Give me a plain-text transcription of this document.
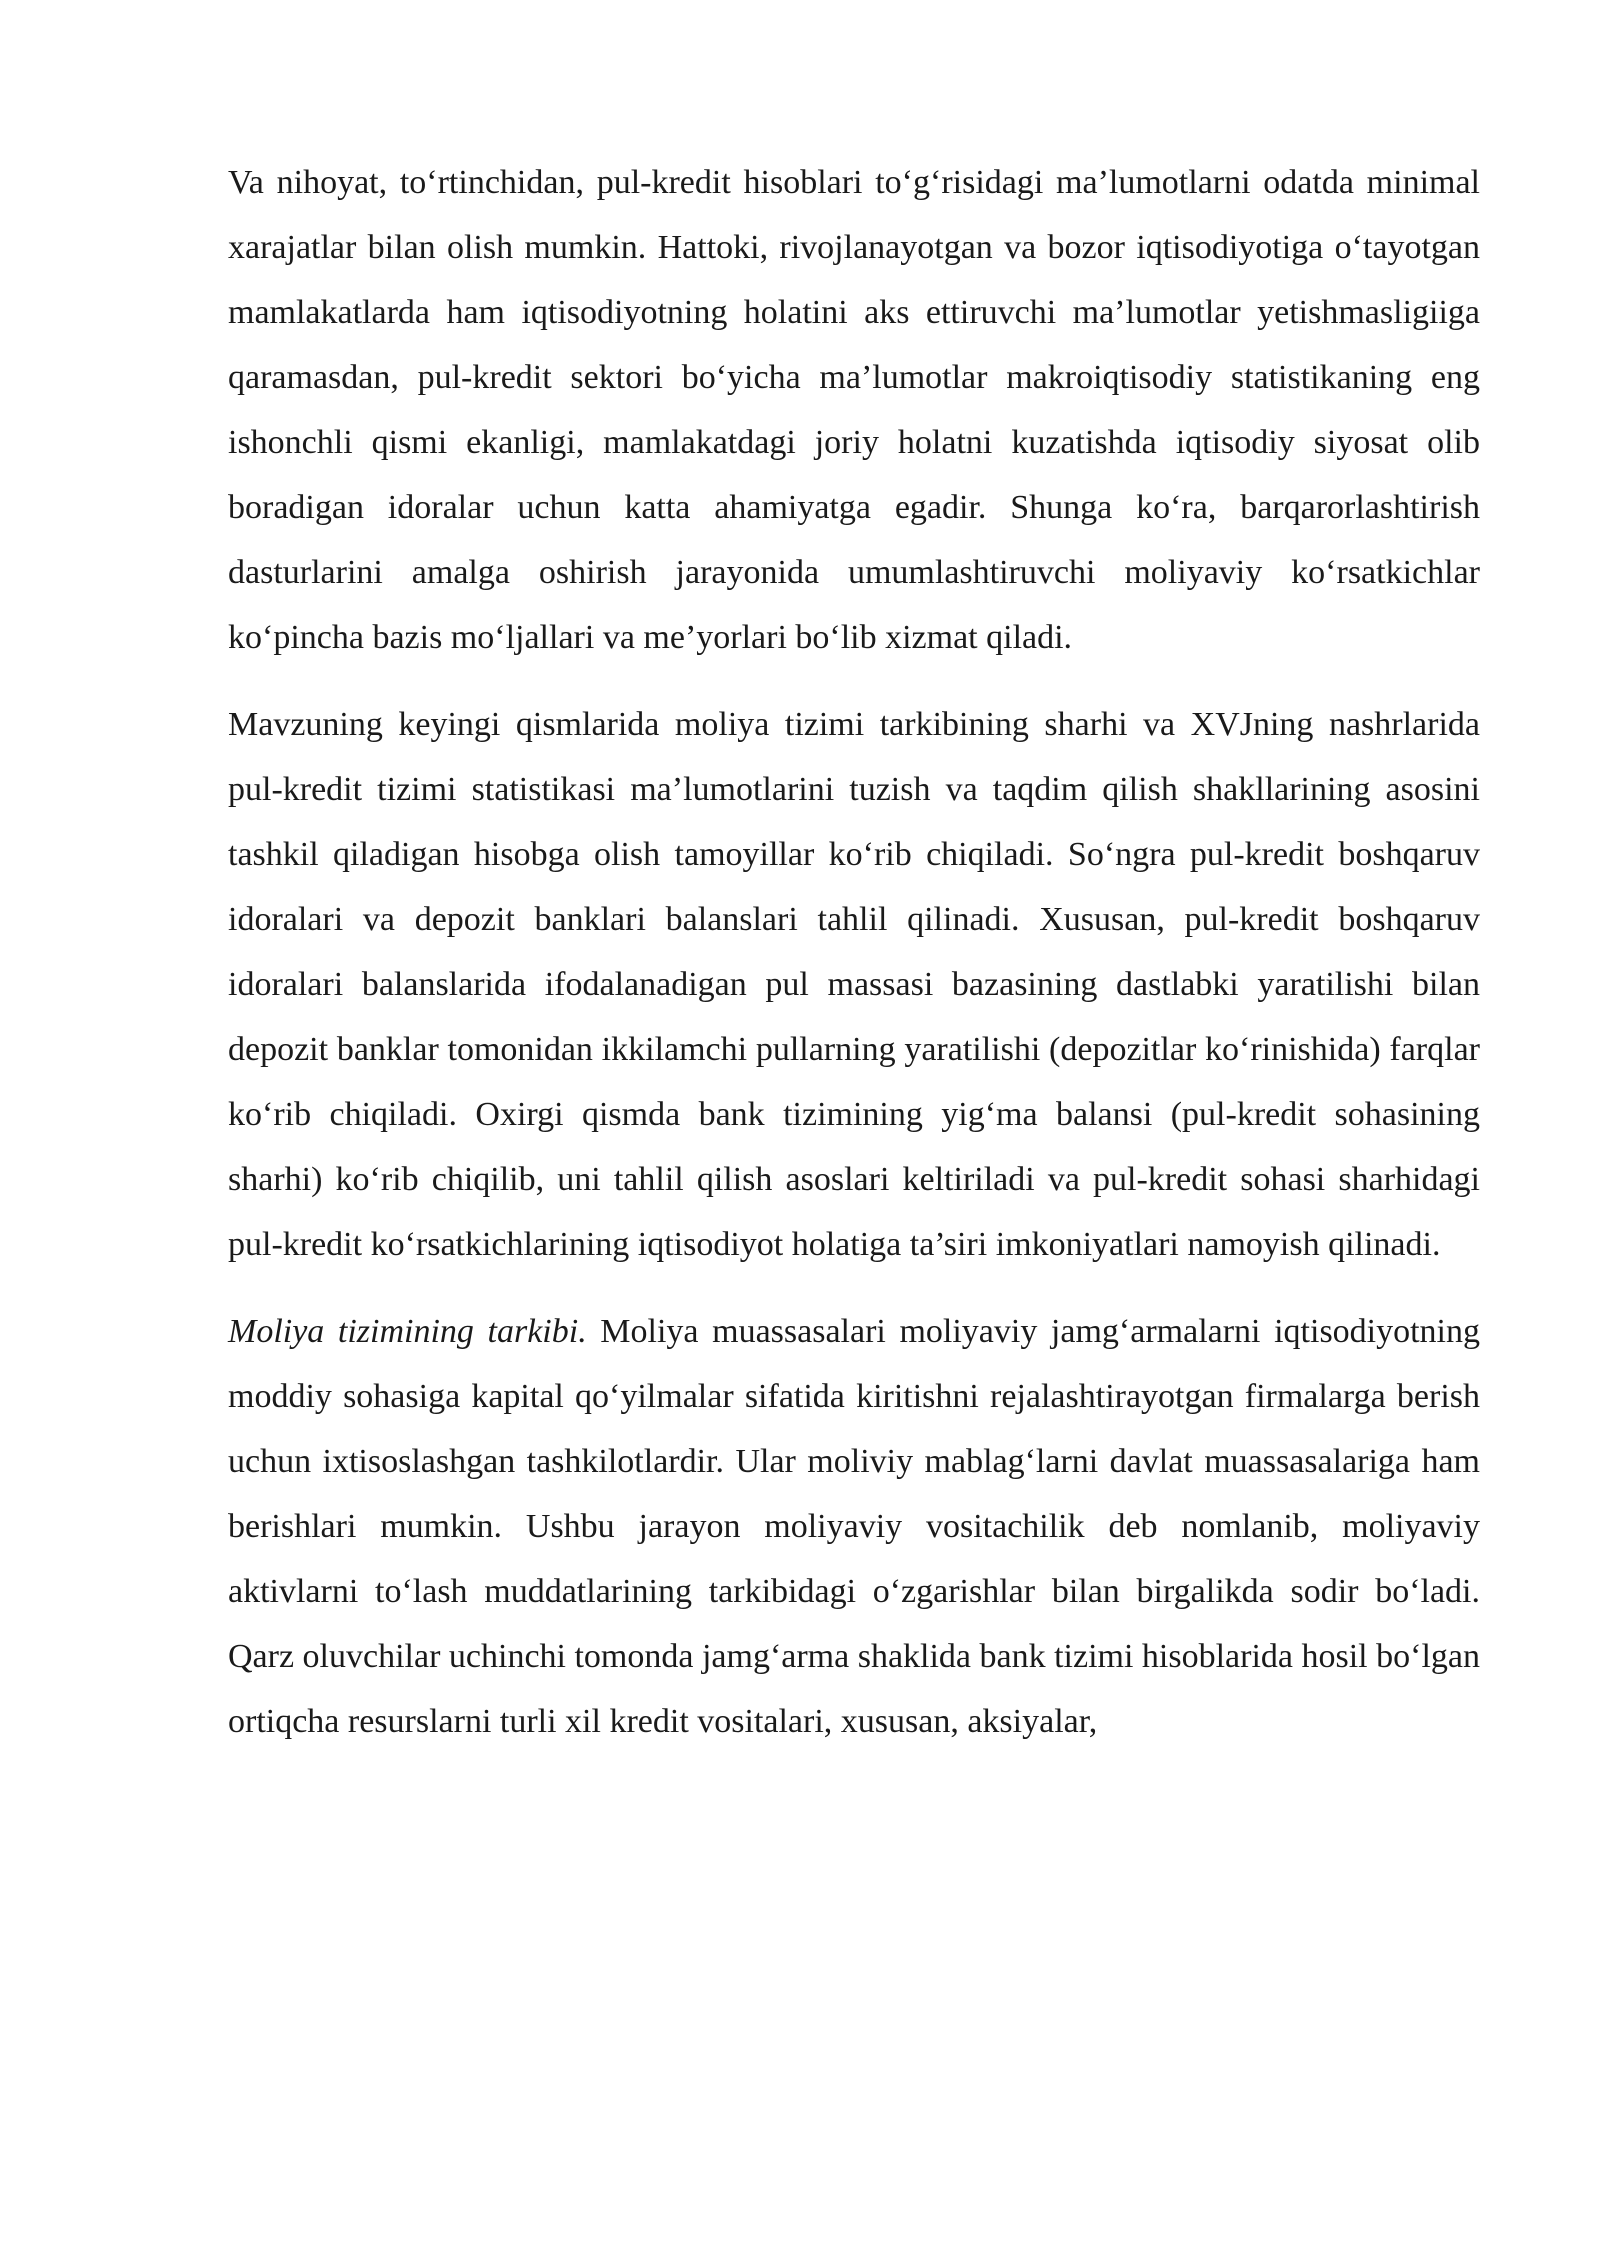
Va nihoyat, to‘rtinchidan, pul-kredit hisoblari to‘g‘risidagi ma’lumotlarni odatda minimal xarajatlar bilan olish mumkin. Hattoki, rivojlanayotgan va bozor iqtisodiyotiga o‘tayotgan mamlakatlarda ham iqtisodiyotning holatini aks ettiruvchi ma’lumotlar yetishmasligiiga qaramasdan, pul-kredit sektori bo‘yicha ma’lumotlar makroiqtisodiy statistikaning eng ishonchli qismi ekanligi, mamlakatdagi joriy holatni kuzatishda iqtisodiy siyosat olib boradigan idoralar uchun katta ahamiyatga egadir. Shunga ko‘ra, barqarorlashtirish dasturlarini amalga oshirish jarayonida umumlashtiruvchi moliyaviy ko‘rsatkichlar ko‘pincha bazis mo‘ljallari va me’yorlari bo‘lib xizmat qiladi.

Mavzuning keyingi qismlarida moliya tizimi tarkibining sharhi va XVJning nashrlarida pul-kredit tizimi statistikasi ma’lumotlarini tuzish va taqdim qilish shakllarining asosini tashkil qiladigan hisobga olish tamoyillar ko‘rib chiqiladi. So‘ngra pul-kredit boshqaruv idoralari va depozit banklari balanslari tahlil qilinadi. Xususan, pul-kredit boshqaruv idoralari balanslarida ifodalanadigan pul massasi bazasining dastlabki yaratilishi bilan depozit banklar tomonidan ikkilamchi pullarning yaratilishi (depozitlar ko‘rinishida) farqlar ko‘rib chiqiladi. Oxirgi qismda bank tizimining yig‘ma balansi (pul-kredit sohasining sharhi) ko‘rib chiqilib, uni tahlil qilish asoslari keltiriladi va pul-kredit sohasi sharhidagi pul-kredit ko‘rsatkichlarining iqtisodiyot holatiga ta’siri imkoniyatlari namoyish qilinadi.

Moliya tizimining tarkibi. Moliya muassasalari moliyaviy jamg‘armalarni iqtisodiyotning moddiy sohasiga kapital qo‘yilmalar sifatida kiritishni rejalashtirayotgan firmalarga berish uchun ixtisoslashgan tashkilotlardir. Ular moliviy mablag‘larni davlat muassasalariga ham berishlari mumkin. Ushbu jarayon moliyaviy vositachilik deb nomlanib, moliyaviy aktivlarni to‘lash muddatlarining tarkibidagi o‘zgarishlar bilan birgalikda sodir bo‘ladi. Qarz oluvchilar uchinchi tomonda jamg‘arma shaklida bank tizimi hisoblarida hosil bo‘lgan ortiqcha resurslarni turli xil kredit vositalari, xususan, aksiyalar,
